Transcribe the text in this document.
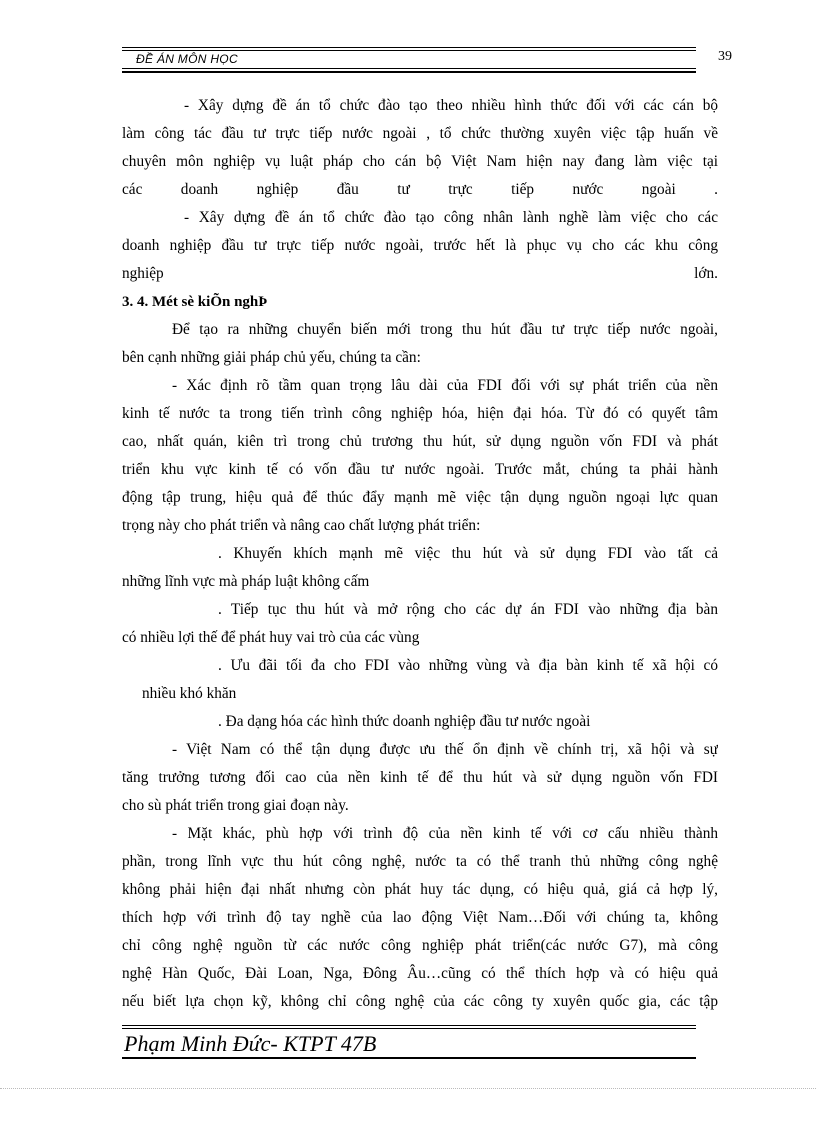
ĐỀ ÁN MÔN HỌC	39
- Xây dựng đề án tổ chức đào tạo theo nhiều hình thức đối với các cán bộ
làm công tác đầu tư trực tiếp nước ngoài , tổ chức thường xuyên việc tập huấn về
chuyên môn nghiệp vụ luật pháp cho cán bộ Việt Nam hiện nay đang làm việc tại
các doanh nghiệp đầu tư trực tiếp nước ngoài .
- Xây dựng đề án tổ chức đào tạo công nhân lành nghề làm việc cho các
doanh nghiệp đầu tư trực tiếp nước ngoài, trước hết là phục vụ cho các khu công
nghiệp lớn.
3. 4. Mét sè kiÕn nghÞ
Để tạo ra những chuyển biến mới trong thu hút đầu tư trực tiếp nước ngoài,
bên cạnh những giải pháp chủ yếu, chúng ta cần:
- Xác định rõ tầm quan trọng lâu dài của FDI đối với sự phát triển của nền
kinh tế nước ta trong tiến trình công nghiệp hóa, hiện đại hóa. Từ đó có quyết tâm
cao, nhất quán, kiên trì trong chủ trương thu hút, sử dụng nguồn vốn FDI và phát
triển khu vực kinh tế có vốn đầu tư nước ngoài. Trước mắt, chúng ta phải hành
động tập trung, hiệu quả để thúc đẩy mạnh mẽ việc tận dụng nguồn ngoại lực quan
trọng này cho phát triển và nâng cao chất lượng phát triển:
. Khuyến khích mạnh mẽ việc thu hút và sử dụng FDI vào tất cả
những lĩnh vực mà pháp luật không cấm
. Tiếp tục thu hút và mở rộng cho các dự án FDI vào những địa bàn
có nhiều lợi thế để phát huy vai trò của các vùng
. Ưu đãi tối đa cho FDI vào những vùng và địa bàn kinh tế xã hội có
nhiều khó khăn
. Đa dạng hóa các hình thức doanh nghiệp đầu tư nước ngoài
- Việt Nam có thể tận dụng được ưu thế ổn định về chính trị, xã hội và sự
tăng trưởng tương đối cao của nền kinh tế để thu hút và sử dụng nguồn vốn FDI
cho sù phát triển trong giai đoạn này.
- Mặt khác, phù hợp với trình độ của nền kinh tế với cơ cấu nhiều thành
phần, trong lĩnh vực thu hút công nghệ, nước ta có thể tranh thủ những công nghệ
không phải hiện đại nhất nhưng còn phát huy tác dụng, có hiệu quả, giá cả hợp lý,
thích hợp với trình độ tay nghề của lao động Việt Nam…Đối với chúng ta, không
chỉ công nghệ nguồn từ các nước công nghiệp phát triển(các nước G7), mà công
nghệ Hàn Quốc, Đài Loan, Nga, Đông Âu…cũng có thể thích hợp và có hiệu quả
nếu biết lựa chọn kỹ, không chỉ công nghệ của các công ty xuyên quốc gia, các tập
Phạm Minh Đức- KTPT 47B
